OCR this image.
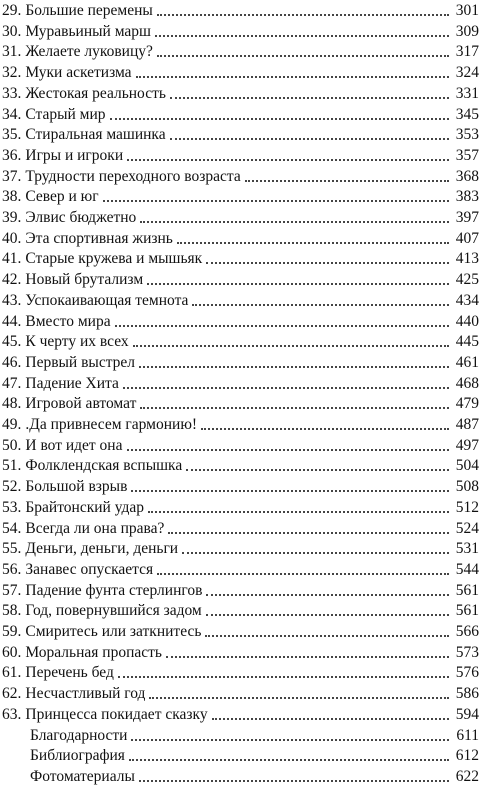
29. Большие перемены	301
30. Муравьиный марш	309
31. Желаете луковицу?	317
32. Муки аскетизма	324
33. Жестокая реальность	331
34. Старый мир	345
35. Стиральная машинка	353
36. Игры и игроки	357
37. Трудности переходного возраста	368
38. Север и юг	383
39. Элвис бюджетно	397
40. Эта спортивная жизнь	407
41. Старые кружева и мышьяк	413
42. Новый брутализм	425
43. Успокаивающая темнота	434
44. Вместо мира	440
45. К черту их всех	445
46. Первый выстрел	461
47. Падение Хита	468
48. Игровой автомат	479
49. .Да привнесем гармонию!	487
50. И вот идет она	497
51. Фолклендская вспышка	504
52. Большой взрыв	508
53. Брайтонский удар	512
54. Всегда ли она права?	524
55. Деньги, деньги, деньги	531
56. Занавес опускается	544
57. Падение фунта стерлингов	561
58. Год, повернувшийся задом	561
59. Смиритесь или заткнитесь	566
60. Моральная пропасть	573
61. Перечень бед	576
62. Несчастливый год	586
63. Принцесса покидает сказку	594
Благодарности	611
Библиография	612
Фотоматериалы	622
